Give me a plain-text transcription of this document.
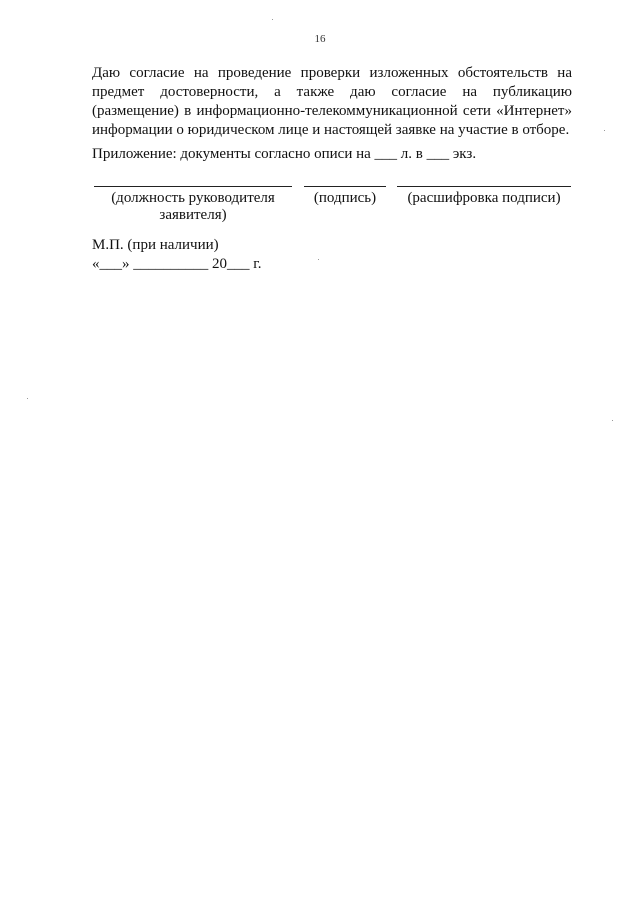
16
Даю согласие на проведение проверки изложенных обстоятельств на
предмет достоверности, а также даю согласие на публикацию
(размещение) в информационно-телекоммуникационной сети «Интернет»
информации о юридическом лице и настоящей заявке на участие в отборе.
Приложение: документы согласно описи на ___ л. в ___ экз.
(должность руководителя
заявителя)
(подпись)	(расшифровка подписи)
М.П. (при наличии)
«___» __________ 20___ г.
